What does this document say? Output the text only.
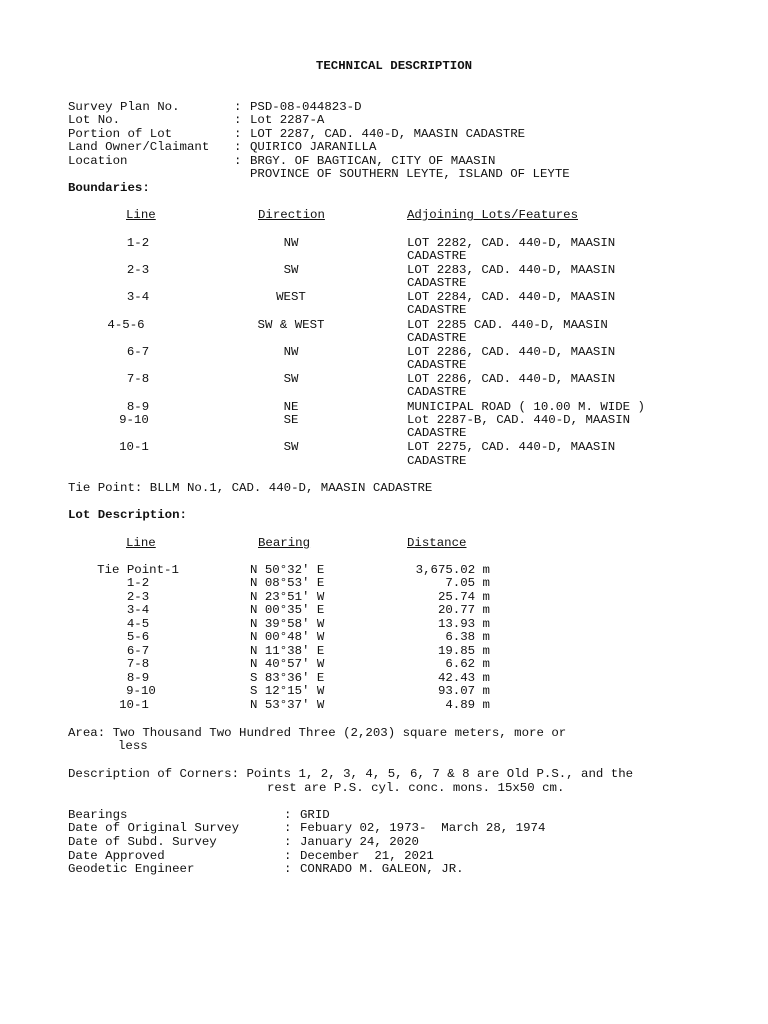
TECHNICAL DESCRIPTION
Survey Plan No.	: PSD-08-044823-D
Lot No.	: Lot 2287-A
Portion of Lot	: LOT 2287, CAD. 440-D, MAASIN CADASTRE
Land Owner/Claimant : QUIRICO JARANILLA
Location	: BRGY. OF BAGTICAN, CITY OF MAASIN
PROVINCE OF SOUTHERN LEYTE, ISLAND OF LEYTE
Boundaries:
Line	Direction	Adjoining Lots/Features
1-2	NW	LOT 2282, CAD. 440-D, MAASIN
CADASTRE
2-3	SW	LOT 2283, CAD. 440-D, MAASIN
CADASTRE
3-4	WEST	LOT 2284, CAD. 440-D, MAASIN
CADASTRE
4-5-6	SW & WEST	LOT 2285 CAD. 440-D, MAASIN
CADASTRE
6-7	NW	LOT 2286, CAD. 440-D, MAASIN
CADASTRE
7-8	SW	LOT 2286, CAD. 440-D, MAASIN
CADASTRE
8-9	NE	MUNICIPAL ROAD ( 10.00 M. WIDE )
9-10	SE	Lot 2287-B, CAD. 440-D, MAASIN
CADASTRE
10-1	SW	LOT 2275, CAD. 440-D, MAASIN
CADASTRE
Tie Point: BLLM No.1, CAD. 440-D, MAASIN CADASTRE
Lot Description:
Line	Bearing	Distance
Tie Point-1	N 50°32' E	3,675.02 m
1-2	N 08°53' E	7.05 m
2-3	N 23°51' W	25.74 m
3-4	N 00°35' E	20.77 m
4-5	N 39°58' W	13.93 m
5-6	N 00°48' W	6.38 m
6-7	N 11°38' E	19.85 m
7-8	N 40°57' W	6.62 m
8-9	S 83°36' E	42.43 m
9-10	S 12°15' W	93.07 m
10-1	N 53°37' W	4.89 m
Area: Two Thousand Two Hundred Three (2,203) square meters, more or
less
Description of Corners: Points 1, 2, 3, 4, 5, 6, 7 & 8 are Old P.S., and the
rest are P.S. cyl. conc. mons. 15x50 cm.
Bearings	: GRID
Date of Original Survey	: Febuary 02, 1973-  March 28, 1974
Date of Subd. Survey	: January 24, 2020
Date Approved	: December  21, 2021
Geodetic Engineer	: CONRADO M. GALEON, JR.
